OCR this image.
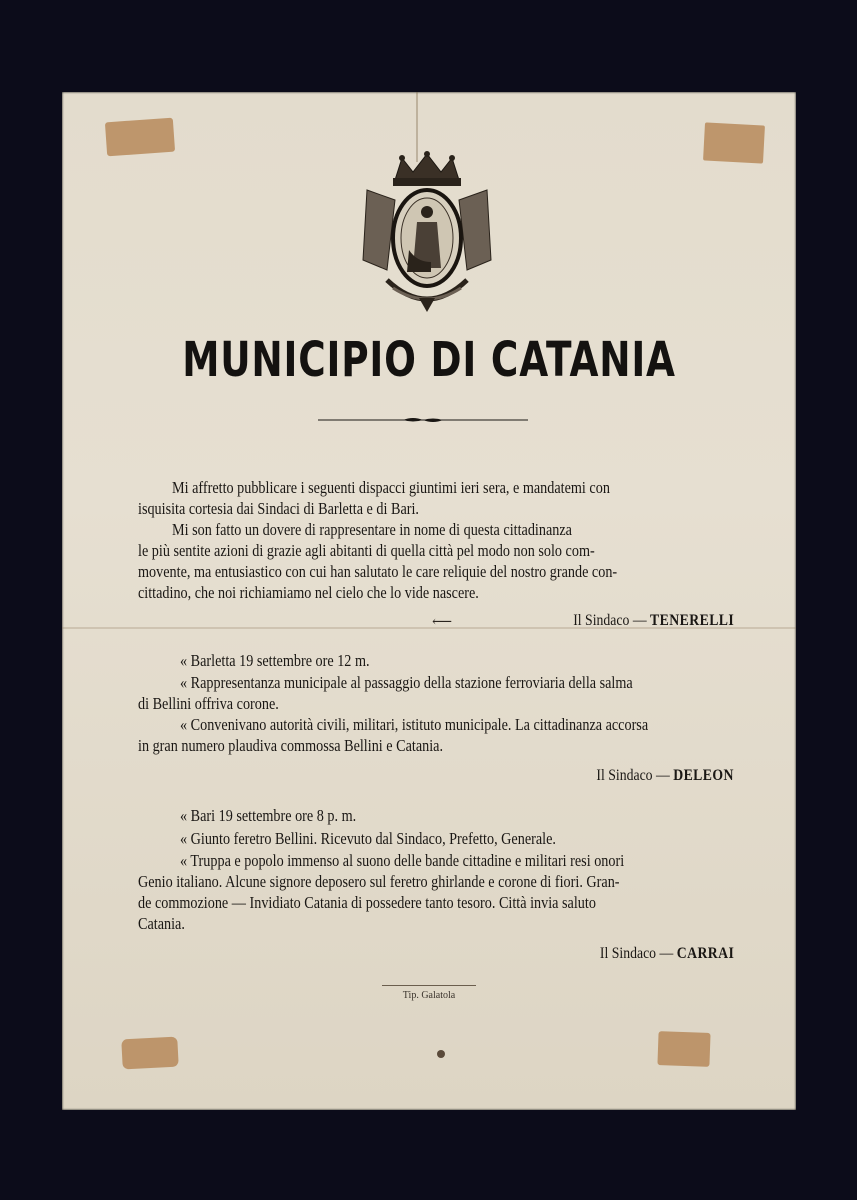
MUNICIPIO DI CATANIA
Mi affretto pubblicare i seguenti dispacci giuntimi ieri sera, e mandatemi con
isquisita cortesia dai Sindaci di Barletta e di Bari.
Mi son fatto un dovere di rappresentare in nome di questa cittadinanza
le più sentite azioni di grazie agli abitanti di quella città pel modo non solo com-
movente, ma entusiastico con cui han salutato le care reliquie del nostro grande con-
cittadino, che noi richiamiamo nel cielo che lo vide nascere.
⟵	Il Sindaco — TENERELLI
« Barletta 19 settembre ore 12 m.
« Rappresentanza municipale al passaggio della stazione ferroviaria della salma
di Bellini offriva corone.
« Convenivano autorità civili, militari, istituto municipale. La cittadinanza accorsa
in gran numero plaudiva commossa Bellini e Catania.
Il Sindaco — DELEON
« Bari 19 settembre ore 8 p. m.
« Giunto feretro Bellini. Ricevuto dal Sindaco, Prefetto, Generale.
« Truppa e popolo immenso al suono delle bande cittadine e militari resi onori
Genio italiano. Alcune signore deposero sul feretro ghirlande e corone di fiori. Gran-
de commozione — Invidiato Catania di possedere tanto tesoro. Città invia saluto
Catania.
Il Sindaco — CARRAI
Tip. Galatola
